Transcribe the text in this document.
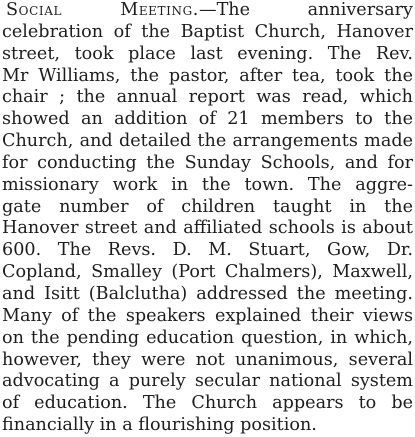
Social Meeting.—The anniversary
celebration of the Baptist Church, Hanover
street, took place last evening. The Rev.
Mr Williams, the pastor, after tea, took the
chair ; the annual report was read, which
showed an addition of 21 members to the
Church, and detailed the arrangements made
for conducting the Sunday Schools, and for
missionary work in the town. The aggre-
gate number of children taught in the
Hanover street and affiliated schools is about
600. The Revs. D. M. Stuart, Gow, Dr.
Copland, Smalley (Port Chalmers), Maxwell,
and Isitt (Balclutha) addressed the meeting.
Many of the speakers explained their views
on the pending education question, in which,
however, they were not unanimous, several
advocating a purely secular national system
of education. The Church appears to be
financially in a flourishing position.
